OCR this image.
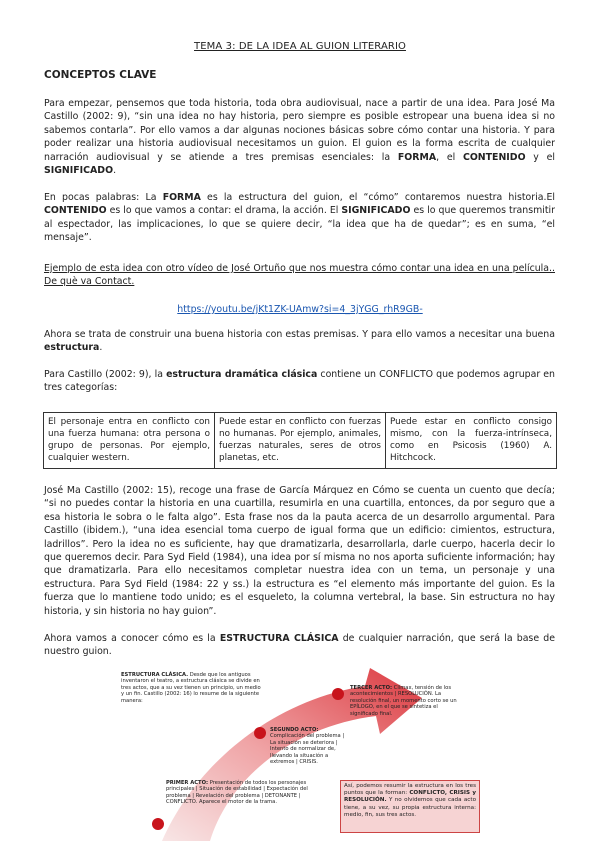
TEMA 3: DE LA IDEA AL GUION LITERARIO
CONCEPTOS CLAVE

Para empezar, pensemos que toda historia, toda obra audiovisual, nace a partir de una idea. Para José Ma Castillo (2002: 9), “sin una idea no hay historia, pero siempre es posible estropear una buena idea si no sabemos contarla”. Por ello vamos a dar algunas nociones básicas sobre cómo contar una historia. Y para poder realizar una historia audiovisual necesitamos un guion. El guion es la forma escrita de cualquier narración audiovisual y se atiende a tres premisas esenciales: la FORMA, el CONTENIDO y el SIGNIFICADO.

En pocas palabras: La FORMA es la estructura del guion, el “cómo” contaremos nuestra historia.El CONTENIDO es lo que vamos a contar: el drama, la acción. El SIGNIFICADO es lo que queremos transmitir al espectador, las implicaciones, lo que se quiere decir, “la idea que ha de quedar”; es en suma, “el mensaje”.

Ejemplo de esta idea con otro vídeo de José Ortuño que nos muestra cómo contar una idea en una película.. De què va Contact.

https://youtu.be/jKt1ZK-UAmw?si=4_3jYGG_rhR9GB-

Ahora se trata de construir una buena historia con estas premisas. Y para ello vamos a necesitar una buena estructura.

Para Castillo (2002: 9), la estructura dramática clásica contiene un CONFLICTO que podemos agrupar en tres categorías:

El personaje entra en conflicto con una fuerza humana: otra persona o grupo de personas. Por ejemplo, cualquier western.	Puede estar en conflicto con fuerzas no humanas. Por ejemplo, animales, fuerzas naturales, seres de otros planetas, etc.	Puede estar en conflicto consigo mismo, con la fuerza-intrínseca, como en Psicosis (1960) A. Hitchcock.

José Ma Castillo (2002: 15), recoge una frase de García Márquez en Cómo se cuenta un cuento que decía; “si no puedes contar la historia en una cuartilla, resumirla en una cuartilla, entonces, da por seguro que a esa historia le sobra o le falta algo”. Esta frase nos da la pauta acerca de un desarrollo argumental. Para Castillo (ibidem.), “una idea esencial toma cuerpo de igual forma que un edificio: cimientos, estructura, ladrillos”. Pero la idea no es suficiente, hay que dramatizarla, desarrollarla, darle cuerpo, hacerla decir lo que queremos decir. Para Syd Field (1984), una idea por sí misma no nos aporta suficiente información; hay que dramatizarla. Para ello necesitamos completar nuestra idea con un tema, un personaje y una estructura. Para Syd Field (1984: 22 y ss.) la estructura es “el elemento más importante del guion. Es la fuerza que lo mantiene todo unido; es el esqueleto, la columna vertebral, la base. Sin estructura no hay historia, y sin historia no hay guion”.

Ahora vamos a conocer cómo es la ESTRUCTURA CLÁSICA de cualquier narración, que será la base de nuestro guion.

ESTRUCTURA CLÁSICA. Desde que los antiguos inventaron el teatro, a estructura clásica se divide en tres actos, que a su vez tienen un principio, un medio y un fin. Castillo (2002: 16) lo resume de la siguiente manera:
SEGUNDO ACTO: Complicación del problema | La situación se deteriora | Intento de normalizar de, llevando la situación a extremos | CRISIS.
TERCER ACTO: Clímax, tensión de los acontecimientos | RESOLUCIÓN. La resolución final, un momento corto se un EPÍLOGO, en el que se sintetiza el significado final.
PRIMER ACTO: Presentación de todos los personajes principales | Situación de estabilidad | Expectación del problema | Revelación del problema | DETONANTE | CONFLICTO. Aparece el motor de la trama.
Así, podemos resumir la estructura en los tres puntos que la forman: CONFLICTO, CRISIS y RESOLUCIÓN. Y no olvidemos que cada acto tiene, a su vez, su propia estructura interna: medio, fin, sus tres actos.
